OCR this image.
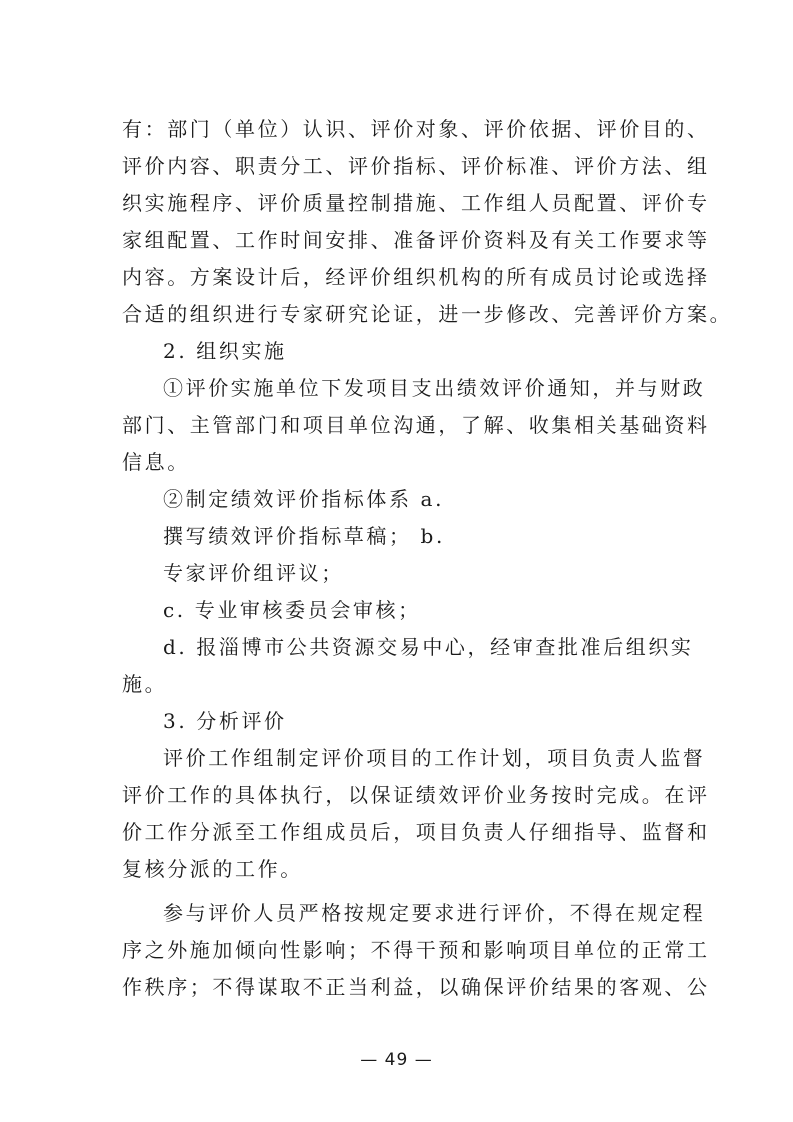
有：部门（单位）认识、评价对象、评价依据、评价目的、
评价内容、职责分工、评价指标、评价标准、评价方法、组
织实施程序、评价质量控制措施、工作组人员配置、评价专
家组配置、工作时间安排、准备评价资料及有关工作要求等
内容。方案设计后，经评价组织机构的所有成员讨论或选择
合适的组织进行专家研究论证，进一步修改、完善评价方案。
2. 组织实施
①评价实施单位下发项目支出绩效评价通知，并与财政
部门、主管部门和项目单位沟通，了解、收集相关基础资料
信息。
②制定绩效评价指标体系 a.
撰写绩效评价指标草稿； b.
专家评价组评议；
c. 专业审核委员会审核；
d. 报淄博市公共资源交易中心，经审查批准后组织实
施。
3. 分析评价
评价工作组制定评价项目的工作计划，项目负责人监督
评价工作的具体执行，以保证绩效评价业务按时完成。在评
价工作分派至工作组成员后，项目负责人仔细指导、监督和
复核分派的工作。
参与评价人员严格按规定要求进行评价，不得在规定程
序之外施加倾向性影响；不得干预和影响项目单位的正常工
作秩序；不得谋取不正当利益，以确保评价结果的客观、公
— 49 —
